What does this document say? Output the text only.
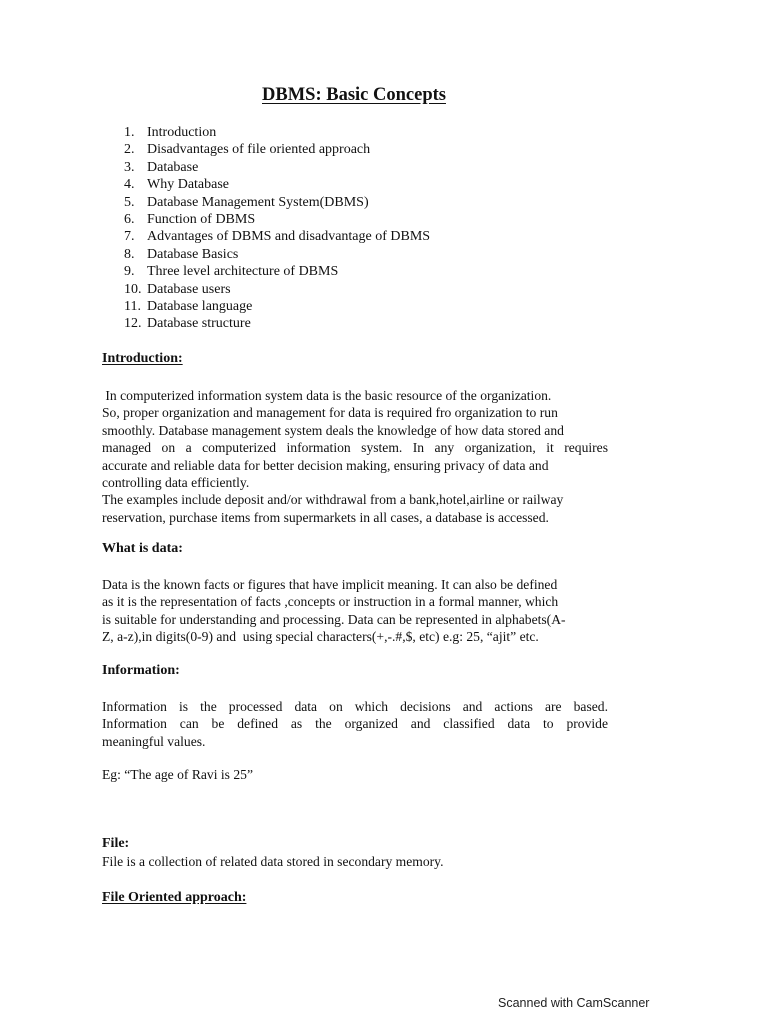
DBMS: Basic Concepts
1. Introduction
2. Disadvantages of file oriented approach
3. Database
4. Why Database
5. Database Management System(DBMS)
6. Function of DBMS
7. Advantages of DBMS and disadvantage of DBMS
8. Database Basics
9. Three level architecture of DBMS
10. Database users
11. Database language
12. Database structure
Introduction:
In computerized information system data is the basic resource of the organization.
So, proper organization and management for data is required fro organization to run
smoothly. Database management system deals the knowledge of how data stored and
managed on a computerized information system. In any organization, it requires
accurate and reliable data for better decision making, ensuring privacy of data and
controlling data efficiently.
The examples include deposit and/or withdrawal from a bank,hotel,airline or railway
reservation, purchase items from supermarkets in all cases, a database is accessed.
What is data:
Data is the known facts or figures that have implicit meaning. It can also be defined
as it is the representation of facts ,concepts or instruction in a formal manner, which
is suitable for understanding and processing. Data can be represented in alphabets(A-
Z, a-z),in digits(0-9) and  using special characters(+,-.#,$, etc) e.g: 25, “ajit” etc.
Information:
Information is the processed data on which decisions and actions are based.
Information can be defined as the organized and classified data to provide
meaningful values.
Eg: “The age of Ravi is 25”
File:
File is a collection of related data stored in secondary memory.
File Oriented approach:
Scanned with CamScanner
